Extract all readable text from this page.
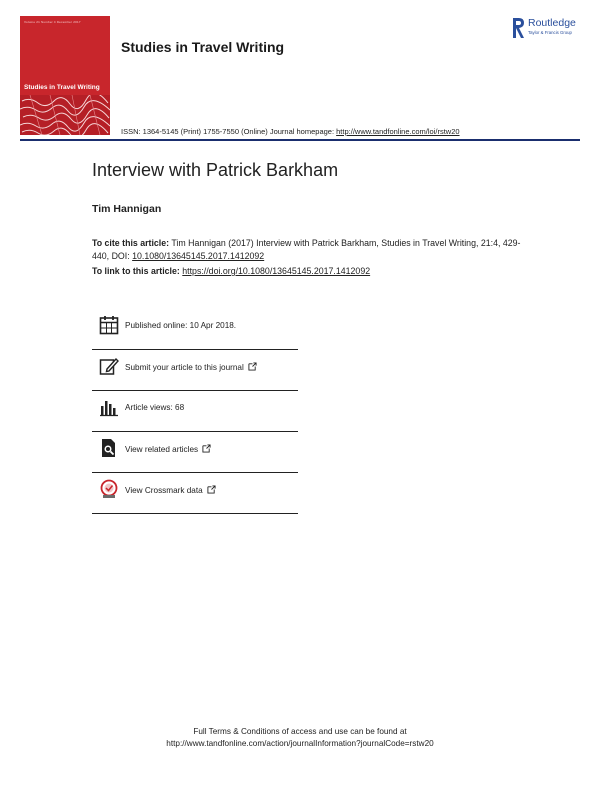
Volume 21 Number 4 December 2017
Studies in Travel Writing
Studies in Travel Writing
Routledge
Taylor & Francis Group
ISSN: 1364-5145 (Print) 1755-7550 (Online) Journal homepage: http://www.tandfonline.com/loi/rstw20
Interview with Patrick Barkham
Tim Hannigan
To cite this article: Tim Hannigan (2017) Interview with Patrick Barkham, Studies in Travel Writing, 21:4, 429-440, DOI: 10.1080/13645145.2017.1412092
To link to this article: https://doi.org/10.1080/13645145.2017.1412092
Published online: 10 Apr 2018.
Submit your article to this journal
Article views: 68
View related articles
View Crossmark data
Full Terms & Conditions of access and use can be found at
http://www.tandfonline.com/action/journalInformation?journalCode=rstw20
